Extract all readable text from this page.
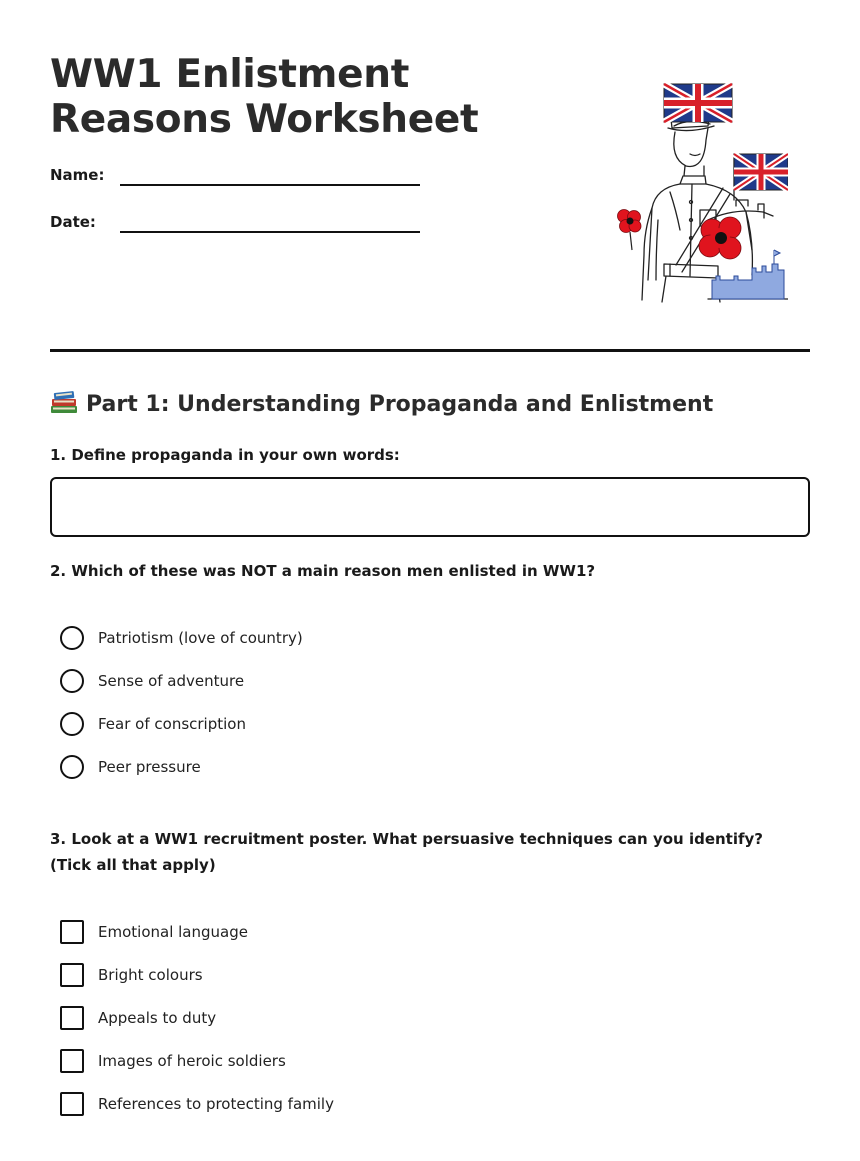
WW1 Enlistment
Reasons Worksheet
Name:
Date:
Part 1: Understanding Propaganda and Enlistment
1. Define propaganda in your own words:
2. Which of these was NOT a main reason men enlisted in WW1?
Patriotism (love of country)
Sense of adventure
Fear of conscription
Peer pressure
3. Look at a WW1 recruitment poster. What persuasive techniques can you identify? (Tick all that apply)
Emotional language
Bright colours
Appeals to duty
Images of heroic soldiers
References to protecting family
